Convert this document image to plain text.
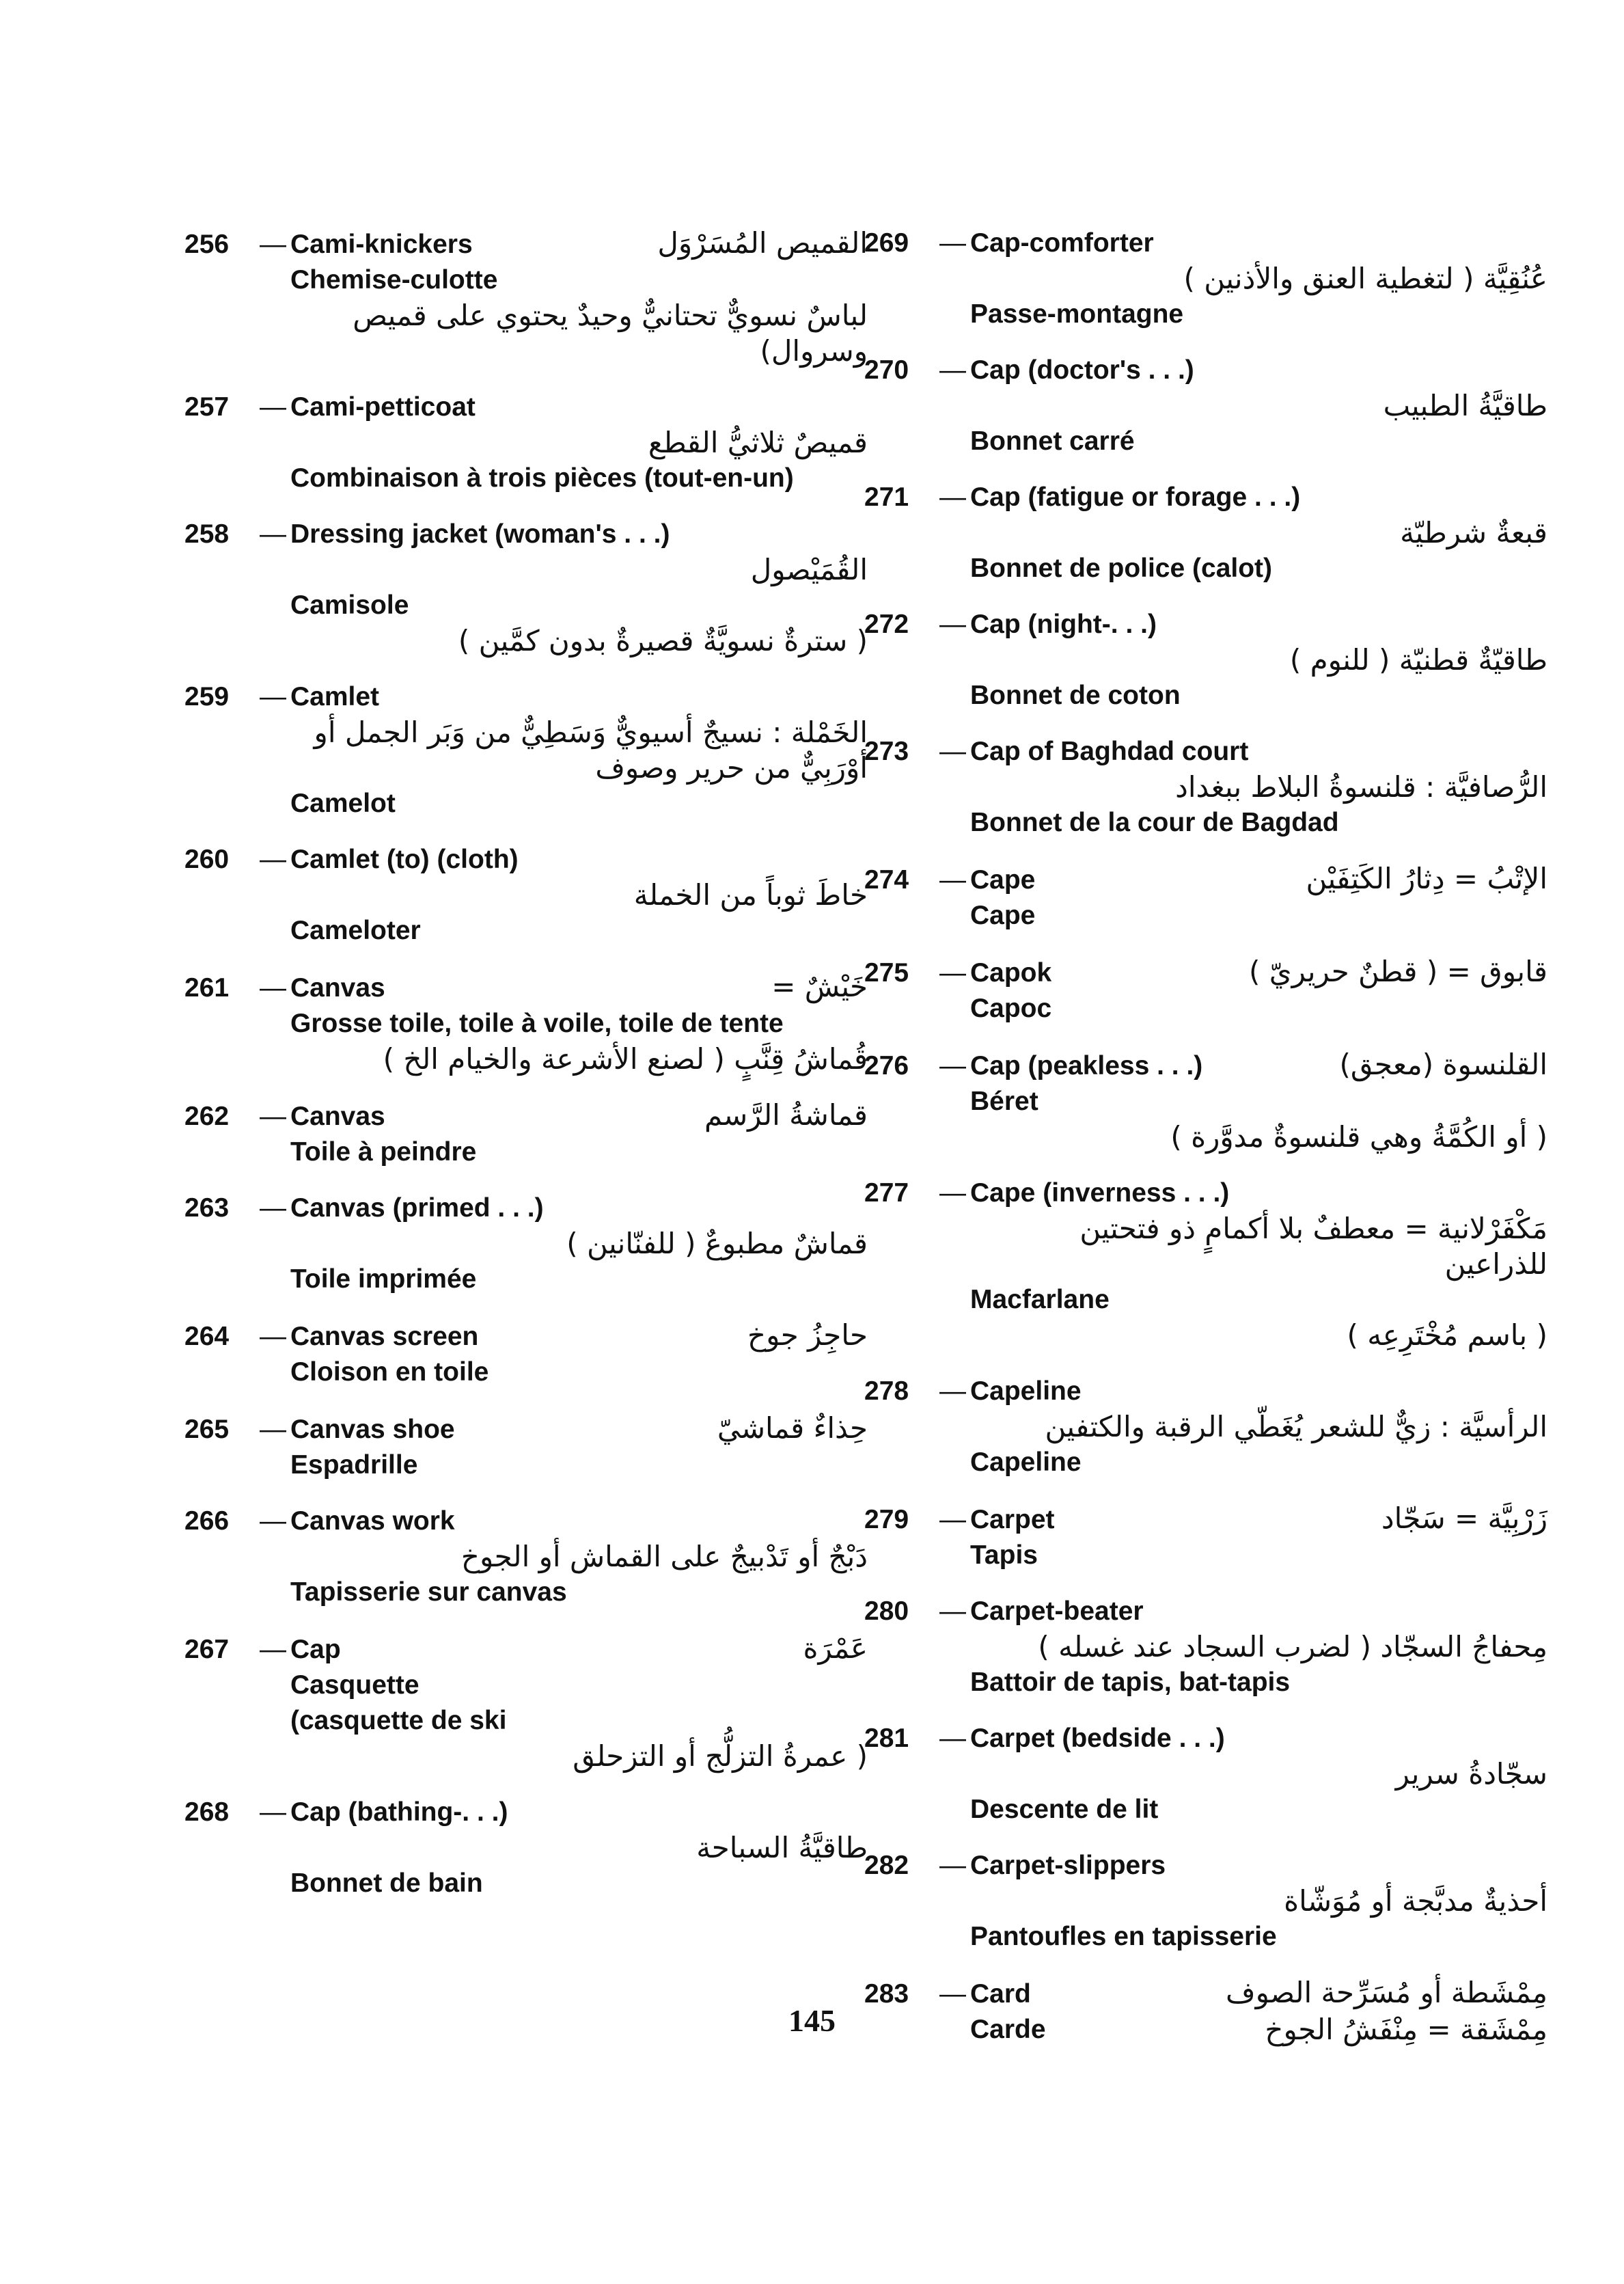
256	— Cami-knickers	القميص المُسَرْوَل
Chemise-culotte
لباسٌ نسويٌّ تحتانيٌّ وحيدٌ يحتوي على قميص وسروال)
257	— Cami-petticoat
قميصٌ ثلاثيُّ القطع
Combinaison à trois pièces (tout-en-un)
258	— Dressing jacket (woman's . . .)
القُمَيْصول
Camisole
( سترةٌ نسويَّةٌ قصيرةٌ بدون كمَّين )
259	— Camlet
الخَمْلة : نسيجٌ أسيويٌّ وَسَطِيٌّ من وَبَر الجمل أو
أوْرَبِيٌّ من حرير وصوف
Camelot
260	— Camlet (to) (cloth)
خاطَ ثوباً من الخملة
Cameloter
261	— Canvas	خَيْشٌ =
Grosse toile, toile à voile, toile de tente
قُماشُ قِنَّبٍ ( لصنع الأشرعة والخيام الخ )
262	— Canvas	قماشةُ الرَّسم
Toile à peindre
263	— Canvas (primed . . .)
قماشٌ مطبوعٌ ( للفنّانين )
Toile imprimée
264	— Canvas screen	حاجِزُ جوخ
Cloison en toile
265	— Canvas shoe	حِذاءٌ قماشيّ
Espadrille
266	— Canvas work
دَبْجٌ أو تَدْبيجٌ على القماش أو الجوخ
Tapisserie sur canvas
267	— Cap	عَمْرَة
Casquette
(casquette de ski
( عمرةُ التزلُّج أو التزحلق
268	— Cap (bathing-. . .)
طاقيَّةُ السباحة
Bonnet de bain
269	— Cap-comforter
عُنُقِيَّة ( لتغطية العنق والأذنين )
Passe-montagne
270	— Cap (doctor's . . .)
طاقيَّةُ الطبيب
Bonnet carré
271	— Cap (fatigue or forage . . .)
قبعةٌ شرطيّة
Bonnet de police (calot)
272	— Cap (night-. . .)
طاقيّةٌ قطنيّة ( للنوم )
Bonnet de coton
273	— Cap of Baghdad court
الرُّصافيَّة : قلنسوةُ البلاط ببغداد
Bonnet de la cour de Bagdad
274	— Cape	الإتْبُ = دِثارُ الكَتِفَيْن
Cape
275	— Capok	قابوق = ( قطنٌ حريريّ )
Capoc
276	— Cap (peakless . . .)	القلنسوة (معجق)
Béret
( أو الكُمَّةُ وهي قلنسوةٌ مدوَّرة )
277	— Cape (inverness . . .)
مَكْفَرْلانية = معطفٌ بلا أكمامٍ ذو فتحتين للذراعين
Macfarlane
( باسم مُخْتَرِعِه )
278	— Capeline
الرأسيَّة : زيٌّ للشعر يُغَطّي الرقبة والكتفين
Capeline
279	— Carpet	زَرْبِيَّة = سَجّاد
Tapis
280	— Carpet-beater
مِحفاجُ السجّاد ( لضرب السجاد عند غسله )
Battoir de tapis, bat-tapis
281	— Carpet (bedside . . .)
سجّادةُ سرير
Descente de lit
282	— Carpet-slippers
أحذيةٌ مدبَّجة أو مُوَشّاة
Pantoufles en tapisserie
283	— Card	مِمْشَطة أو مُسَرِّحة الصوف
Carde	مِمْشَقة = مِنْفَشُ الجوخ
145
